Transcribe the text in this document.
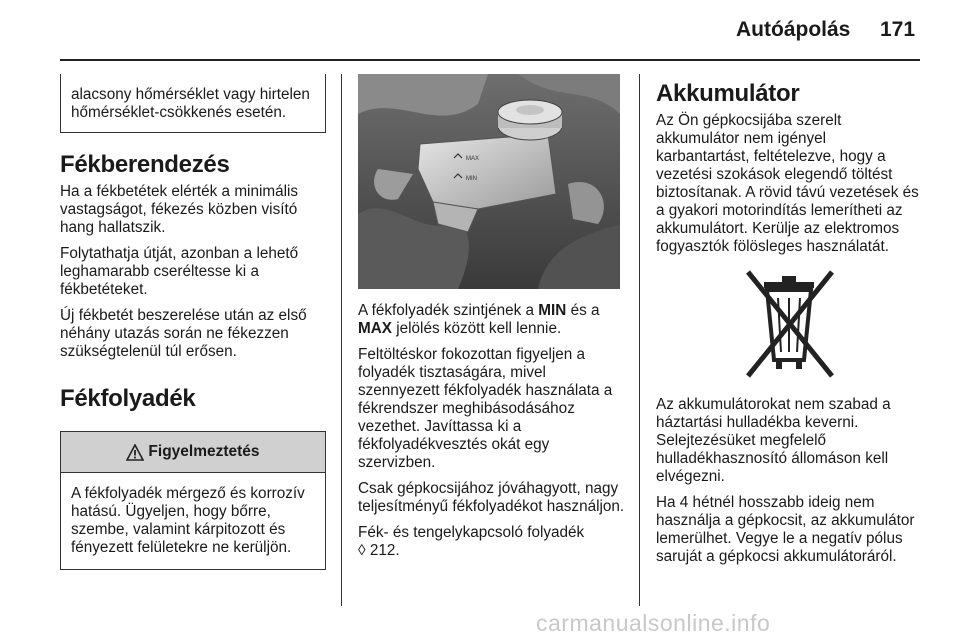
Autóápolás 171

alacsony hőmérséklet vagy hirtelen hőmérséklet-csökkenés esetén.

Fékberendezés

Ha a fékbetétek elérték a minimális vastagságot, fékezés közben visító hang hallatszik.

Folytathatja útját, azonban a lehető leghamarabb cseréltesse ki a fékbetéteket.

Új fékbetét beszerelése után az első néhány utazás során ne fékezzen szükségtelenül túl erősen.

Fékfolyadék
Figyelmeztetés
A fékfolyadék mérgező és korrozív hatású. Ügyeljen, hogy bőrre, szembe, valamint kárpitozott és fényezett felületekre ne kerüljön.
MAX
MIN

A fékfolyadék szintjének a MIN és a MAX jelölés között kell lennie.

Feltöltéskor fokozottan figyeljen a folyadék tisztaságára, mivel szennyezett fékfolyadék használata a fékrendszer meghibásodásához vezethet. Javíttassa ki a fékfolyadékvesztés okát egy szervizben.

Csak gépkocsijához jóváhagyott, nagy teljesítményű fékfolyadékot használjon.

Fék- és tengelykapcsoló folyadék
◊ 212.

Akkumulátor

Az Ön gépkocsijába szerelt akkumulátor nem igényel karbantartást, feltételezve, hogy a vezetési szokások elegendő töltést biztosítanak. A rövid távú vezetések és a gyakori motorindítás lemerítheti az akkumulátort. Kerülje az elektromos fogyasztók fölösleges használatát.

Az akkumulátorokat nem szabad a háztartási hulladékba keverni. Selejtezésüket megfelelő hulladékhasznosító állomáson kell elvégezni.

Ha 4 hétnél hosszabb ideig nem használja a gépkocsit, az akkumulátor lemerülhet. Vegye le a negatív pólus saruját a gépkocsi akkumulátoráról.

carmanualsonline.info
